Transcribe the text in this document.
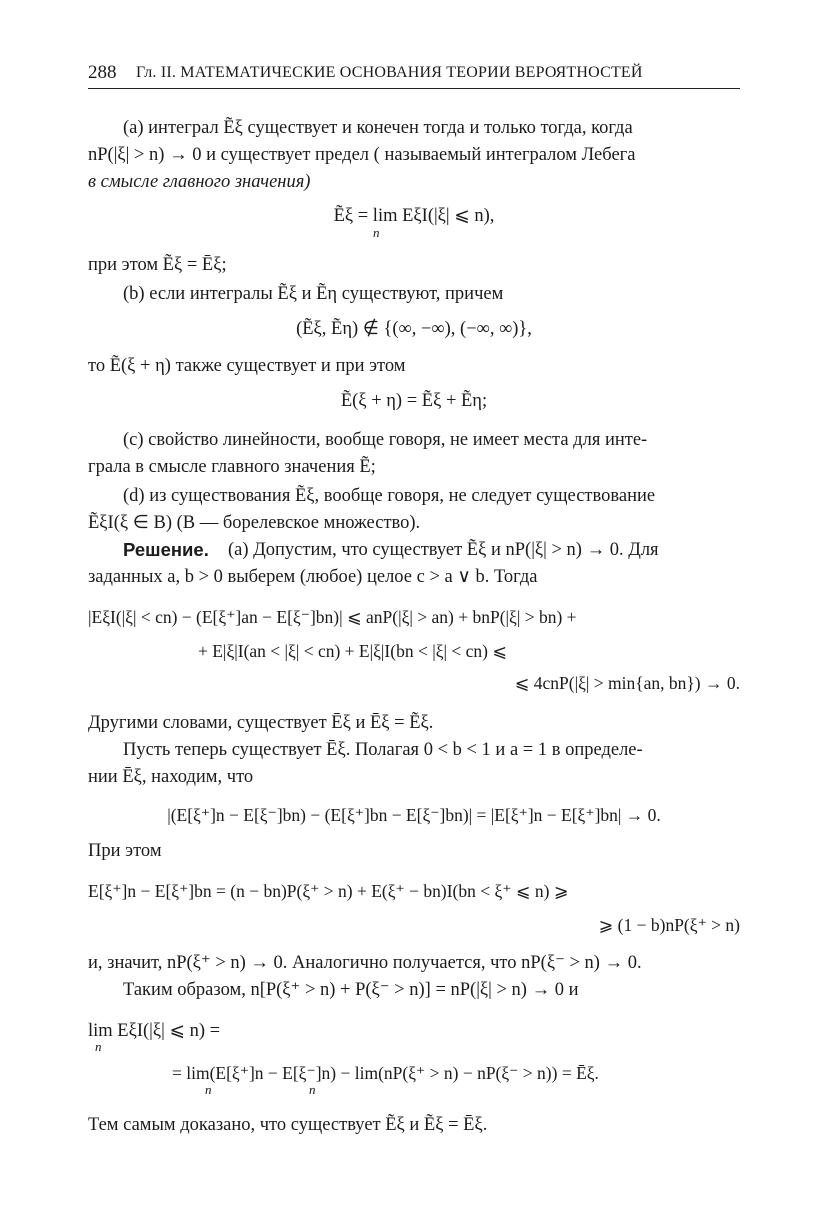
288 Гл. II. МАТЕМАТИЧЕСКИЕ ОСНОВАНИЯ ТЕОРИИ ВЕРОЯТНОСТЕЙ
(a) интеграл Ẽξ существует и конечен тогда и только тогда, когда
nP(|ξ| > n) → 0 и существует предел ( называемый интегралом Лебега
в смысле главного значения)
Ẽξ = lim EξI(|ξ| ⩽ n),
n
при этом Ẽξ = Ēξ;
(b) если интегралы Ẽξ и Ẽη существуют, причем
(Ẽξ, Ẽη) ∉ {(∞, −∞), (−∞, ∞)},
то Ẽ(ξ + η) также существует и при этом
Ẽ(ξ + η) = Ẽξ + Ẽη;
(c) свойство линейности, вообще говоря, не имеет места для инте-
грала в смысле главного значения Ẽ;
(d) из существования Ẽξ, вообще говоря, не следует существование
ẼξI(ξ ∈ B) (B — борелевское множество).
Решение. (a) Допустим, что существует Ẽξ и nP(|ξ| > n) → 0. Для
заданных a, b > 0 выберем (любое) целое c > a ∨ b. Тогда
|EξI(|ξ| < cn) − (E[ξ⁺]an − E[ξ⁻]bn)| ⩽ anP(|ξ| > an) + bnP(|ξ| > bn) +
+ E|ξ|I(an < |ξ| < cn) + E|ξ|I(bn < |ξ| < cn) ⩽
⩽ 4cnP(|ξ| > min{an, bn}) → 0.
Другими словами, существует Ēξ и Ēξ = Ẽξ.
Пусть теперь существует Ēξ. Полагая 0 < b < 1 и a = 1 в определе-
нии Ēξ, находим, что
|(E[ξ⁺]n − E[ξ⁻]bn) − (E[ξ⁺]bn − E[ξ⁻]bn)| = |E[ξ⁺]n − E[ξ⁺]bn| → 0.
При этом
E[ξ⁺]n − E[ξ⁺]bn = (n − bn)P(ξ⁺ > n) + E(ξ⁺ − bn)I(bn < ξ⁺ ⩽ n) ⩾
⩾ (1 − b)nP(ξ⁺ > n)
и, значит, nP(ξ⁺ > n) → 0. Аналогично получается, что nP(ξ⁻ > n) → 0.
Таким образом, n[P(ξ⁺ > n) + P(ξ⁻ > n)] = nP(|ξ| > n) → 0 и
lim EξI(|ξ| ⩽ n) =
n
= lim(E[ξ⁺]n − E[ξ⁻]n) − lim(nP(ξ⁺ > n) − nP(ξ⁻ > n)) = Ēξ.
n                              n
Тем самым доказано, что существует Ẽξ и Ẽξ = Ēξ.
